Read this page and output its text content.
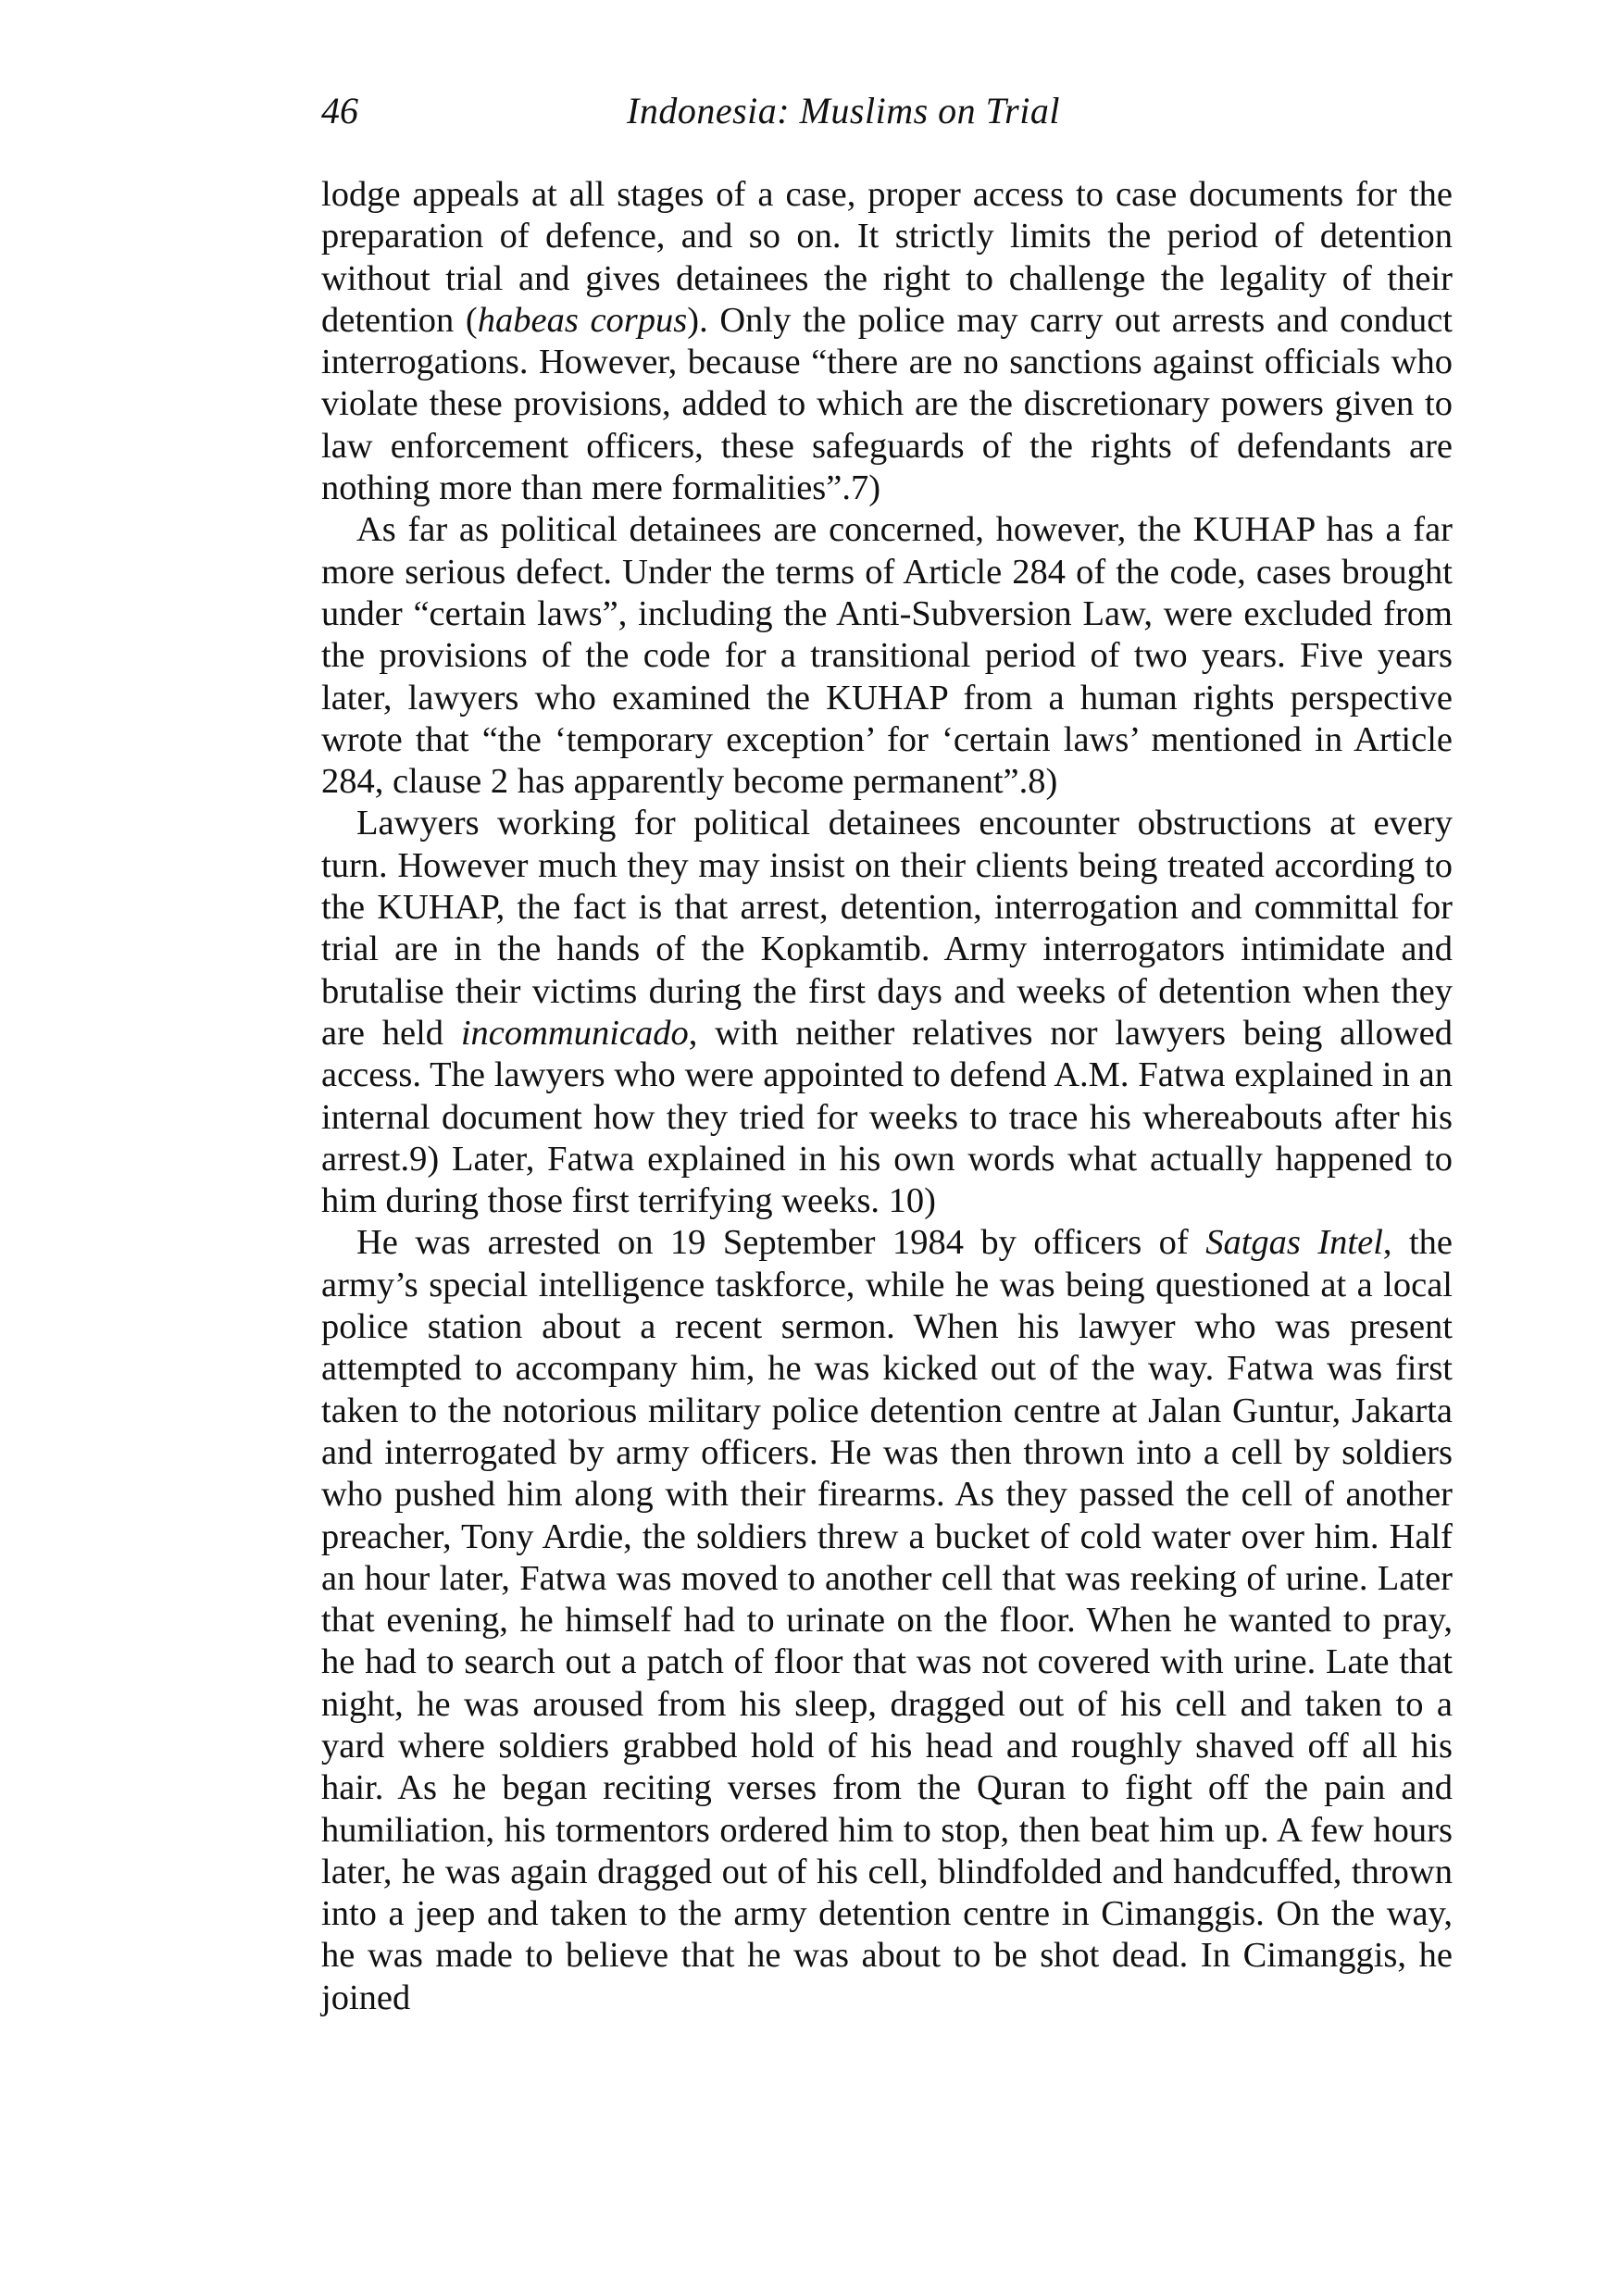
46	Indonesia: Muslims on Trial

lodge appeals at all stages of a case, proper access to case documents for the preparation of defence, and so on. It strictly limits the period of detention without trial and gives detainees the right to challenge the legality of their detention (habeas corpus). Only the police may carry out arrests and conduct interrogations. However, because “there are no sanctions against officials who violate these provisions, added to which are the discretionary powers given to law enforcement officers, these safeguards of the rights of defendants are nothing more than mere formalities”.7)

As far as political detainees are concerned, however, the KUHAP has a far more serious defect. Under the terms of Article 284 of the code, cases brought under “certain laws”, including the Anti-Subversion Law, were excluded from the provisions of the code for a transitional period of two years. Five years later, lawyers who examined the KUHAP from a human rights perspective wrote that “the ‘temporary exception’ for ‘certain laws’ mentioned in Article 284, clause 2 has apparently become permanent”.8)

Lawyers working for political detainees encounter obstructions at every turn. However much they may insist on their clients being treated according to the KUHAP, the fact is that arrest, detention, interrogation and committal for trial are in the hands of the Kopkamtib. Army interrogators intimidate and brutalise their victims during the first days and weeks of detention when they are held incommunicado, with neither relatives nor lawyers being allowed access. The lawyers who were appointed to defend A.M. Fatwa explained in an internal document how they tried for weeks to trace his whereabouts after his arrest.9) Later, Fatwa explained in his own words what actually happened to him during those first terrifying weeks. 10)

He was arrested on 19 September 1984 by officers of Satgas Intel, the army’s special intelligence taskforce, while he was being questioned at a local police station about a recent sermon. When his lawyer who was present attempted to accompany him, he was kicked out of the way. Fatwa was first taken to the notorious military police detention centre at Jalan Guntur, Jakarta and interrogated by army officers. He was then thrown into a cell by soldiers who pushed him along with their firearms. As they passed the cell of another preacher, Tony Ardie, the soldiers threw a bucket of cold water over him. Half an hour later, Fatwa was moved to another cell that was reeking of urine. Later that evening, he himself had to urinate on the floor. When he wanted to pray, he had to search out a patch of floor that was not covered with urine. Late that night, he was aroused from his sleep, dragged out of his cell and taken to a yard where soldiers grabbed hold of his head and roughly shaved off all his hair. As he began reciting verses from the Quran to fight off the pain and humiliation, his tormentors ordered him to stop, then beat him up. A few hours later, he was again dragged out of his cell, blindfolded and handcuffed, thrown into a jeep and taken to the army detention centre in Cimanggis. On the way, he was made to believe that he was about to be shot dead. In Cimanggis, he joined
